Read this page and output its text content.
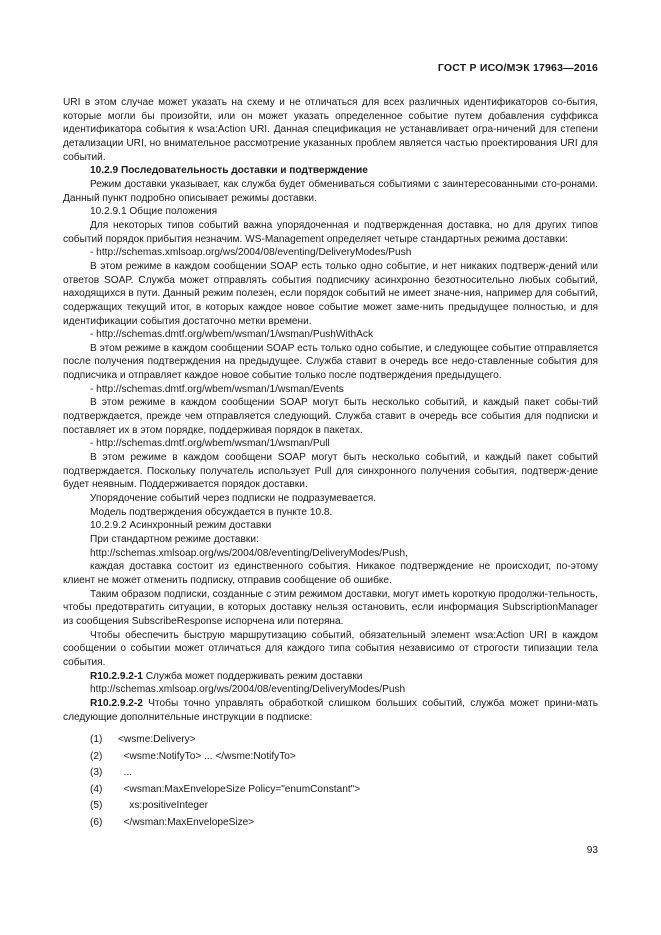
ГОСТ Р ИСО/МЭК 17963—2016

URI в этом случае может указать на схему и не отличаться для всех различных идентификаторов со-бытия, которые могли бы произойти, или он может указать определенное событие путем добавления суффикса идентификатора события к wsa:Action URI. Данная спецификация не устанавливает огра-ничений для степени детализации URI, но внимательное рассмотрение указанных проблем является частью проектирования URI для событий.

10.2.9 Последовательность доставки и подтверждение

Режим доставки указывает, как служба будет обмениваться событиями с заинтересованными сто-ронами. Данный пункт подробно описывает режимы доставки.

10.2.9.1 Общие положения

Для некоторых типов событий важна упорядоченная и подтвержденная доставка, но для других типов событий порядок прибытия незначим. WS-Management определяет четыре стандартных режима доставки:

- http://schemas.xmlsoap.org/ws/2004/08/eventing/DeliveryModes/Push

В этом режиме в каждом сообщении SOAP есть только одно событие, и нет никаких подтверж-дений или ответов SOAP. Служба может отправлять события подписчику асинхронно безотносительно любых событий, находящихся в пути. Данный режим полезен, если порядок событий не имеет значе-ния, например для событий, содержащих текущий итог, в которых каждое новое событие может заме-нить предыдущее полностью, и для идентификации события достаточно метки времени.

- http://schemas.dmtf.org/wbem/wsman/1/wsman/PushWithAck

В этом режиме в каждом сообщении SOAP есть только одно событие, и следующее событие отправляется после получения подтверждения на предыдущее. Служба ставит в очередь все недо-ставленные события для подписчика и отправляет каждое новое событие только после подтверждения предыдущего.

- http://schemas.dmtf.org/wbem/wsman/1/wsman/Events

В этом режиме в каждом сообщении SOAP могут быть несколько событий, и каждый пакет собы-тий подтверждается, прежде чем отправляется следующий. Служба ставит в очередь все события для подписки и поставляет их в этом порядке, поддерживая порядок в пакетах.

- http://schemas.dmtf.org/wbem/wsman/1/wsman/Pull

В этом режиме в каждом сообщени SOAP могут быть несколько событий, и каждый пакет событий подтверждается. Поскольку получатель использует Pull для синхронного получения события, подтверж-дение будет неявным. Поддерживается порядок доставки.

Упорядочение событий через подписки не подразумевается.

Модель подтверждения обсуждается в пункте 10.8.

10.2.9.2 Асинхронный режим доставки

При стандартном режиме доставки:

http://schemas.xmlsoap.org/ws/2004/08/eventing/DeliveryModes/Push,

каждая доставка состоит из единственного события. Никакое подтверждение не происходит, по-этому клиент не может отменить подписку, отправив сообщение об ошибке.

Таким образом подписки, созданные с этим режимом доставки, могут иметь короткую продолжи-тельность, чтобы предотвратить ситуации, в которых доставку нельзя остановить, если информация SubscriptionManager из сообщения SubscribeResponse испорчена или потеряна.

Чтобы обеспечить быструю маршрутизацию событий, обязательный элемент wsa:Action URI в каждом сообщении о событии может отличаться для каждого типа события независимо от строгости типизации тела события.

R10.2.9.2-1 Служба может поддерживать режим доставки

http://schemas.xmlsoap.org/ws/2004/08/eventing/DeliveryModes/Push

R10.2.9.2-2 Чтобы точно управлять обработкой слишком больших событий, служба может прини-мать следующие дополнительные инструкции в подписке:

(1)	<wsme:Delivery>
(2)	<wsme:NotifyTo> ... </wsme:NotifyTo>
(3)	...
(4)	<wsman:MaxEnvelopeSize Policy="enumConstant">
(5)	xs:positiveInteger
(6)	</wsman:MaxEnvelopeSize>
93
